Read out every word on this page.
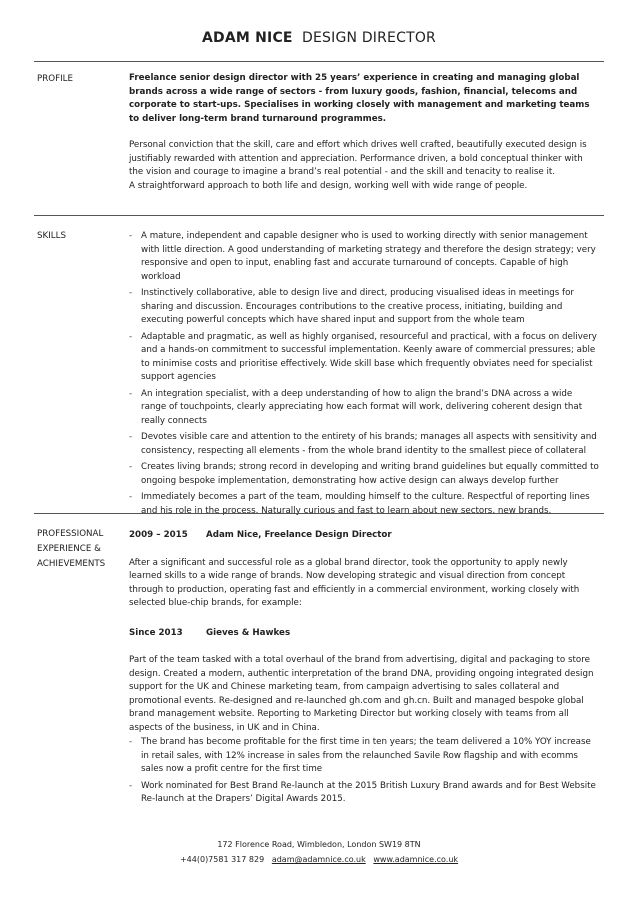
ADAM NICE DESIGN DIRECTOR
PROFILE	Freelance senior design director with 25 years’ experience in creating and managing global brands across a wide range of sectors - from luxury goods, fashion, financial, telecoms and corporate to start-ups. Specialises in working closely with management and marketing teams to deliver long-term brand turnaround programmes.

Personal conviction that the skill, care and effort which drives well crafted, beautifully executed design is justifiably rewarded with attention and appreciation. Performance driven, a bold conceptual thinker with the vision and courage to imagine a brand’s real potential - and the skill and tenacity to realise it.

A straightforward approach to both life and design, working well with wide range of people.

SKILLS
-	A mature, independent and capable designer who is used to working directly with senior management with little direction. A good understanding of marketing strategy and therefore the design strategy; very responsive and open to input, enabling fast and accurate turnaround of concepts. Capable of high workload
- Instinctively collaborative, able to design live and direct, producing visualised ideas in meetings for sharing and discussion. Encourages contributions to the creative process, initiating, building and executing powerful concepts which have shared input and support from the whole team
- Adaptable and pragmatic, as well as highly organised, resourceful and practical, with a focus on delivery and a hands-on commitment to successful implementation. Keenly aware of commercial pressures; able to minimise costs and prioritise effectively. Wide skill base which frequently obviates need for specialist support agencies
- An integration specialist, with a deep understanding of how to align the brand’s DNA across a wide range of touchpoints, clearly appreciating how each format will work, delivering coherent design that really connects
- Devotes visible care and attention to the entirety of his brands; manages all aspects with sensitivity and consistency, respecting all elements - from the whole brand identity to the smallest piece of collateral
- Creates living brands; strong record in developing and writing brand guidelines but equally committed to ongoing bespoke implementation, demonstrating how active design can always develop further
- Immediately becomes a part of the team, moulding himself to the culture. Respectful of reporting lines and his role in the process. Naturally curious and fast to learn about new sectors, new brands.
PROFESSIONAL
EXPERIENCE &
ACHIEVEMENTS
2009 – 2015 Adam Nice, Freelance Design Director

After a significant and successful role as a global brand director, took the opportunity to apply newly learned skills to a wide range of brands. Now developing strategic and visual direction from concept through to production, operating fast and efficiently in a commercial environment, working closely with selected blue-chip brands, for example:

Since 2013	Gieves & Hawkes

Part of the team tasked with a total overhaul of the brand from advertising, digital and packaging to store design. Created a modern, authentic interpretation of the brand DNA, providing ongoing integrated design support for the UK and Chinese marketing team, from campaign advertising to sales collateral and promotional events. Re-designed and re-launched gh.com and gh.cn. Built and managed bespoke global brand management website. Reporting to Marketing Director but working closely with teams from all aspects of the business, in UK and in China.

- The brand has become profitable for the first time in ten years; the team delivered a 10% YOY increase in retail sales, with 12% increase in sales from the relaunched Savile Row flagship and with ecomms sales now a profit centre for the first time
- Work nominated for Best Brand Re-launch at the 2015 British Luxury Brand awards and for Best Website Re-launch at the Drapers’ Digital Awards 2015.
172 Florence Road, Wimbledon, London SW19 8TN
+44(0)7581 317 829 adam@adamnice.co.uk www.adamnice.co.uk
